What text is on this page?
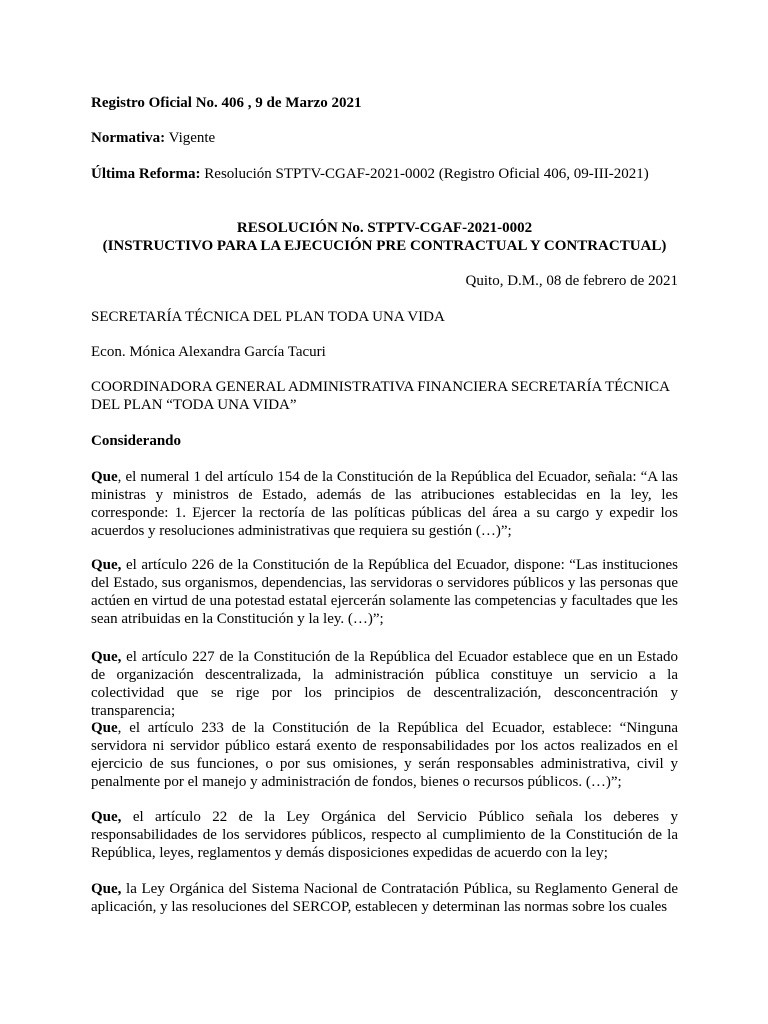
Registro Oficial No. 406 , 9 de Marzo 2021
Normativa: Vigente
Última Reforma: Resolución STPTV-CGAF-2021-0002 (Registro Oficial 406, 09-III-2021)
RESOLUCIÓN No. STPTV-CGAF-2021-0002
(INSTRUCTIVO PARA LA EJECUCIÓN PRE CONTRACTUAL Y CONTRACTUAL)
Quito, D.M., 08 de febrero de 2021
SECRETARÍA TÉCNICA DEL PLAN TODA UNA VIDA
Econ. Mónica Alexandra García Tacuri
COORDINADORA GENERAL ADMINISTRATIVA FINANCIERA SECRETARÍA TÉCNICA DEL PLAN “TODA UNA VIDA”
Considerando
Que, el numeral 1 del artículo 154 de la Constitución de la República del Ecuador, señala: “A las ministras y ministros de Estado, además de las atribuciones establecidas en la ley, les corresponde: 1. Ejercer la rectoría de las políticas públicas del área a su cargo y expedir los acuerdos y resoluciones administrativas que requiera su gestión (…)”;
Que, el artículo 226 de la Constitución de la República del Ecuador, dispone: “Las instituciones del Estado, sus organismos, dependencias, las servidoras o servidores públicos y las personas que actúen en virtud de una potestad estatal ejercerán solamente las competencias y facultades que les sean atribuidas en la Constitución y la ley. (…)”;
Que, el artículo 227 de la Constitución de la República del Ecuador establece que en un Estado de organización descentralizada, la administración pública constituye un servicio a la colectividad que se rige por los principios de descentralización, desconcentración y transparencia;
Que, el artículo 233 de la Constitución de la República del Ecuador, establece: “Ninguna servidora ni servidor público estará exento de responsabilidades por los actos realizados en el ejercicio de sus funciones, o por sus omisiones, y serán responsables administrativa, civil y penalmente por el manejo y administración de fondos, bienes o recursos públicos. (…)”;
Que, el artículo 22 de la Ley Orgánica del Servicio Público señala los deberes y responsabilidades de los servidores públicos, respecto al cumplimiento de la Constitución de la República, leyes, reglamentos y demás disposiciones expedidas de acuerdo con la ley;
Que, la Ley Orgánica del Sistema Nacional de Contratación Pública, su Reglamento General de aplicación, y las resoluciones del SERCOP, establecen y determinan las normas sobre los cuales
